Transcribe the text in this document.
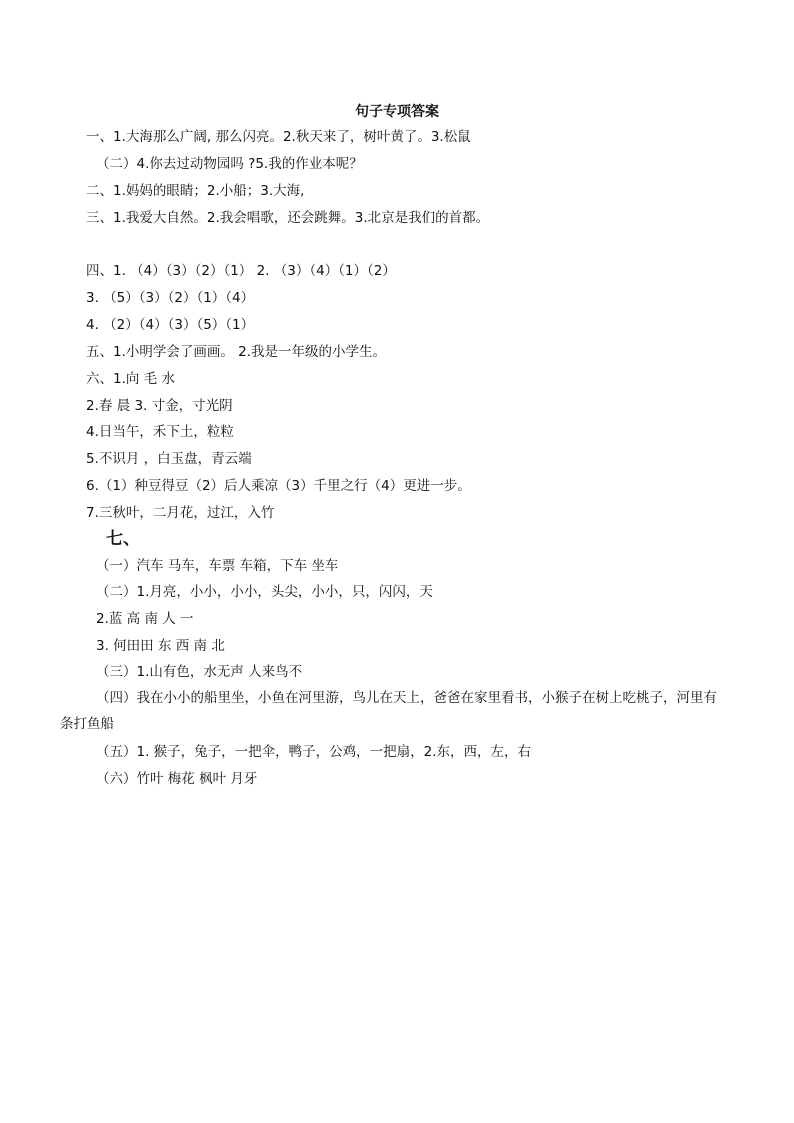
句子专项答案
一、1.大海那么广阔, 那么闪亮。2.秋天来了，树叶黄了。3.松鼠
（二）4.你去过动物园吗 ?5.我的作业本呢？
二、1.妈妈的眼睛；2.小船；3.大海,
三、1.我爱大自然。2.我会唱歌，还会跳舞。3.北京是我们的首都。
四、1. （4）（3）（2）（1） 2. （3）（4）（1）（2）
3. （5）（3）（2）（1）（4）
4. （2）（4）（3）（5）（1）
五、1.小明学会了画画。 2.我是一年级的小学生。
六、1.向 毛 水
2.春 晨 3. 寸金，寸光阴
4.日当午，禾下土，粒粒
5.不识月 ，白玉盘，青云端
6.（1）种豆得豆（2）后人乘凉（3）千里之行（4）更进一步。
7.三秋叶，二月花，过江，入竹
七、
（一）汽车 马车，车票 车箱，下车 坐车
（二）1.月亮，小小，小小，头尖，小小，只，闪闪，天
2.蓝 高 南 人 一
3. 何田田 东 西 南 北
（三）1.山有色，水无声 人来鸟不
（四）我在小小的船里坐，小鱼在河里游，鸟儿在天上，爸爸在家里看书，小猴子在树上吃桃子，河里有条打鱼船
（五）1. 猴子，兔子，一把伞，鸭子，公鸡，一把扇，2.东，西，左，右
（六）竹叶 梅花 枫叶 月牙
